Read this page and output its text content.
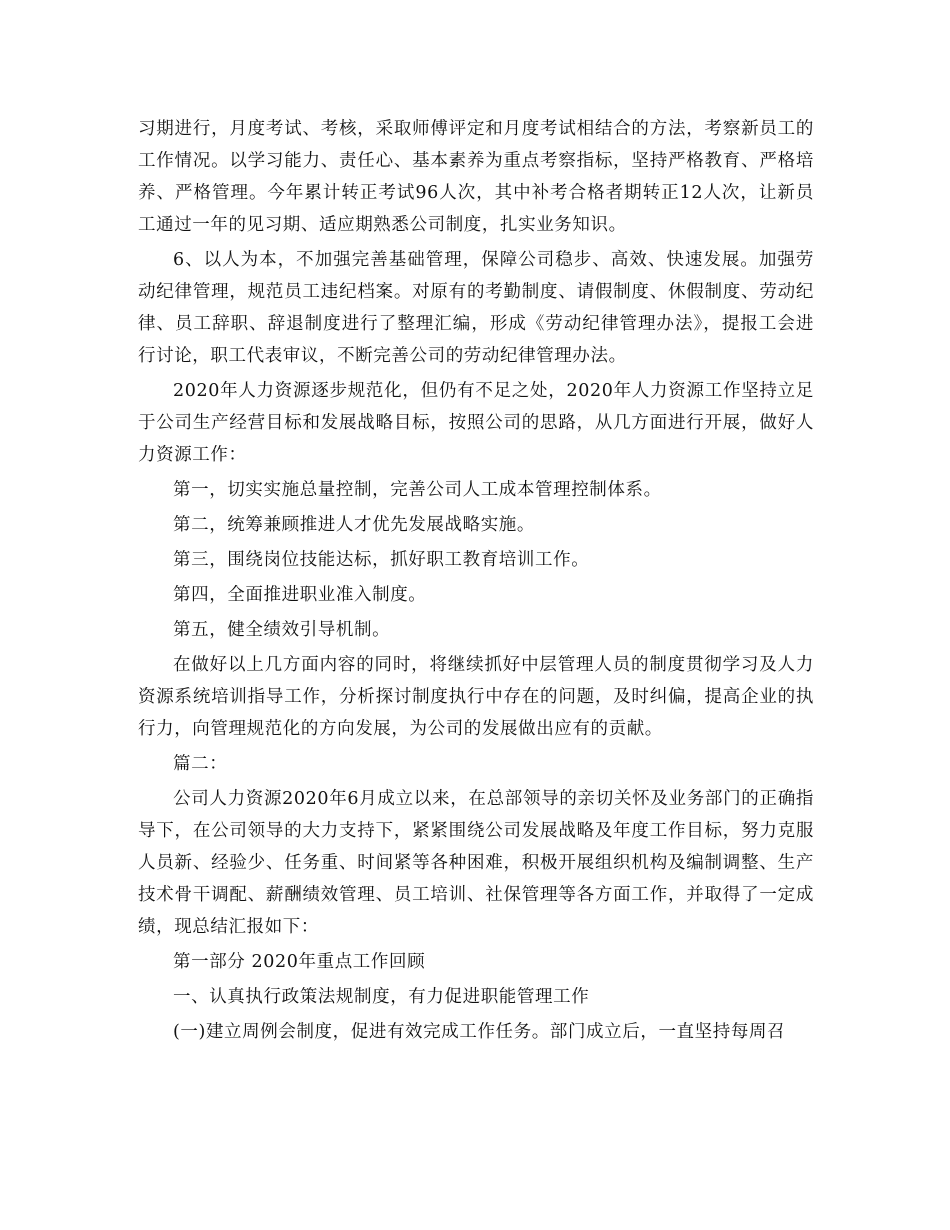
习期进行，月度考试、考核，采取师傅评定和月度考试相结合的方法，考察新员工的工作情况。以学习能力、责任心、基本素养为重点考察指标，坚持严格教育、严格培养、严格管理。今年累计转正考试96人次，其中补考合格者期转正12人次，让新员工通过一年的见习期、适应期熟悉公司制度，扎实业务知识。

6、以人为本，不加强完善基础管理，保障公司稳步、高效、快速发展。加强劳动纪律管理，规范员工违纪档案。对原有的考勤制度、请假制度、休假制度、劳动纪律、员工辞职、辞退制度进行了整理汇编，形成《劳动纪律管理办法》，提报工会进行讨论，职工代表审议，不断完善公司的劳动纪律管理办法。

2020年人力资源逐步规范化，但仍有不足之处，2020年人力资源工作坚持立足于公司生产经营目标和发展战略目标，按照公司的思路，从几方面进行开展，做好人力资源工作：

第一，切实实施总量控制，完善公司人工成本管理控制体系。

第二，统筹兼顾推进人才优先发展战略实施。

第三，围绕岗位技能达标，抓好职工教育培训工作。

第四，全面推进职业准入制度。

第五，健全绩效引导机制。

在做好以上几方面内容的同时，将继续抓好中层管理人员的制度贯彻学习及人力资源系统培训指导工作，分析探讨制度执行中存在的问题，及时纠偏，提高企业的执行力，向管理规范化的方向发展，为公司的发展做出应有的贡献。

篇二：

公司人力资源2020年6月成立以来，在总部领导的亲切关怀及业务部门的正确指导下，在公司领导的大力支持下，紧紧围绕公司发展战略及年度工作目标，努力克服人员新、经验少、任务重、时间紧等各种困难，积极开展组织机构及编制调整、生产技术骨干调配、薪酬绩效管理、员工培训、社保管理等各方面工作，并取得了一定成绩，现总结汇报如下：

第一部分 2020年重点工作回顾

一、认真执行政策法规制度，有力促进职能管理工作

(一)建立周例会制度，促进有效完成工作任务。部门成立后，一直坚持每周召
